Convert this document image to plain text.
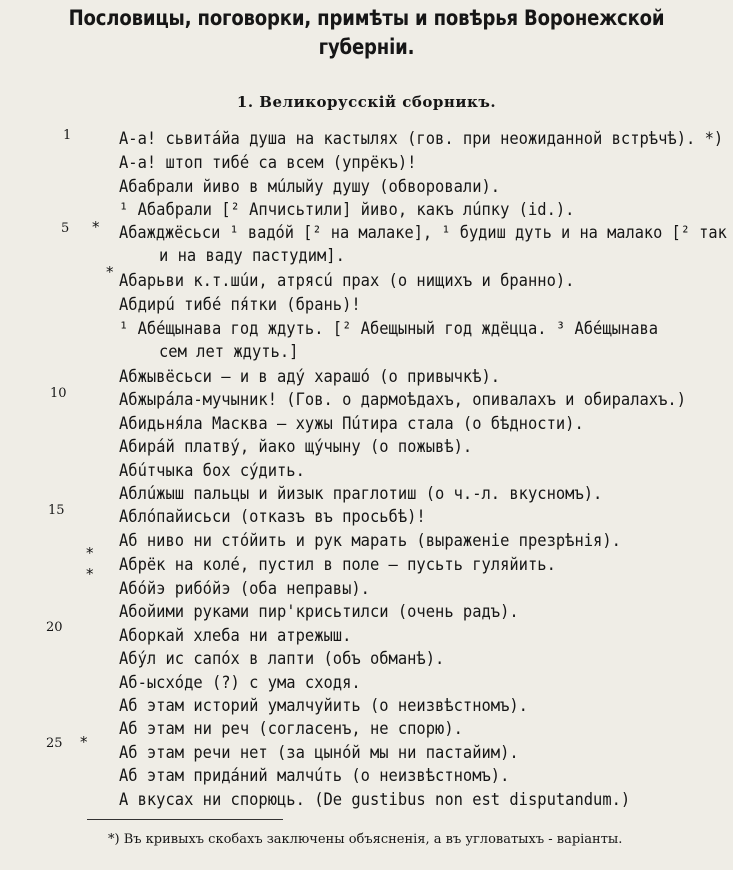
Пословицы, поговорки, примѣты и повѣрья Воронежской
губерніи.
1. Великорусскій сборникъ.
1
5
10
15
20
25
*
*
*
*
*
А-а! сьвитáйа душа на кастылях (гов. при неожиданной встрѣчѣ). *)
А-а! штоп тибé са всем (упрёкъ)!
Абабрали йиво в мúлыйу душу (обворовали).
¹ Абабрали [² Апчисьтили] йиво, какъ лúпку (id.).
Абажджёсьси ¹ вадóй [² на малаке], ¹ будиш дуть и на малако [² так
и на ваду пастудим].
Абарьви к.т.шúи, атрясú прах (о нищихъ и бранно).
Абдирú тибé пя́тки (брань)!
¹ Абéщынава год ждуть. [² Абещыный год ждёцца. ³ Абéщынава
сем лет ждуть.]
Абжывёсьси — и в аду́ харашó (о привычкѣ).
Абжырáла-мучыник! (Гов. о дармоѣдахъ, опивалахъ и обиралахъ.)
Абидьня́ла Масква — хужы Пúтира стала (о бѣдности).
Абирáй платву́, йако щу́чыну (о пожывѣ).
Абúтчыка бох су́дить.
Аблúжыш пальцы и йизык праглотиш (о ч.-л. вкусномъ).
Аблóпайисьси (отказъ въ просьбѣ)!
Аб ниво ни стóйить и рук марать (выраженіе презрѣнія).
Абрёк на колé, пустил в поле — пусьть гуляйить.
Абóйэ рибóйэ (оба неправы).
Абойими руками пир'крисьтилси (очень радъ).
Аборкай хлеба ни атрежыш.
Абу́л ис сапóх в лапти (объ обманѣ).
Аб-ысхóде (?) с ума сходя.
Аб этам историй умалчуйить (о неизвѣстномъ).
Аб этам ни реч (согласенъ, не спорю).
Аб этам речи нет (за цынóй мы ни пастайим).
Аб этам придáний малчúть (о неизвѣстномъ).
А вкусах ни спорюць. (De gustibus non est disputandum.)
*) Въ кривыхъ скобахъ заключены объясненія, а въ угловатыхъ - варіанты.
